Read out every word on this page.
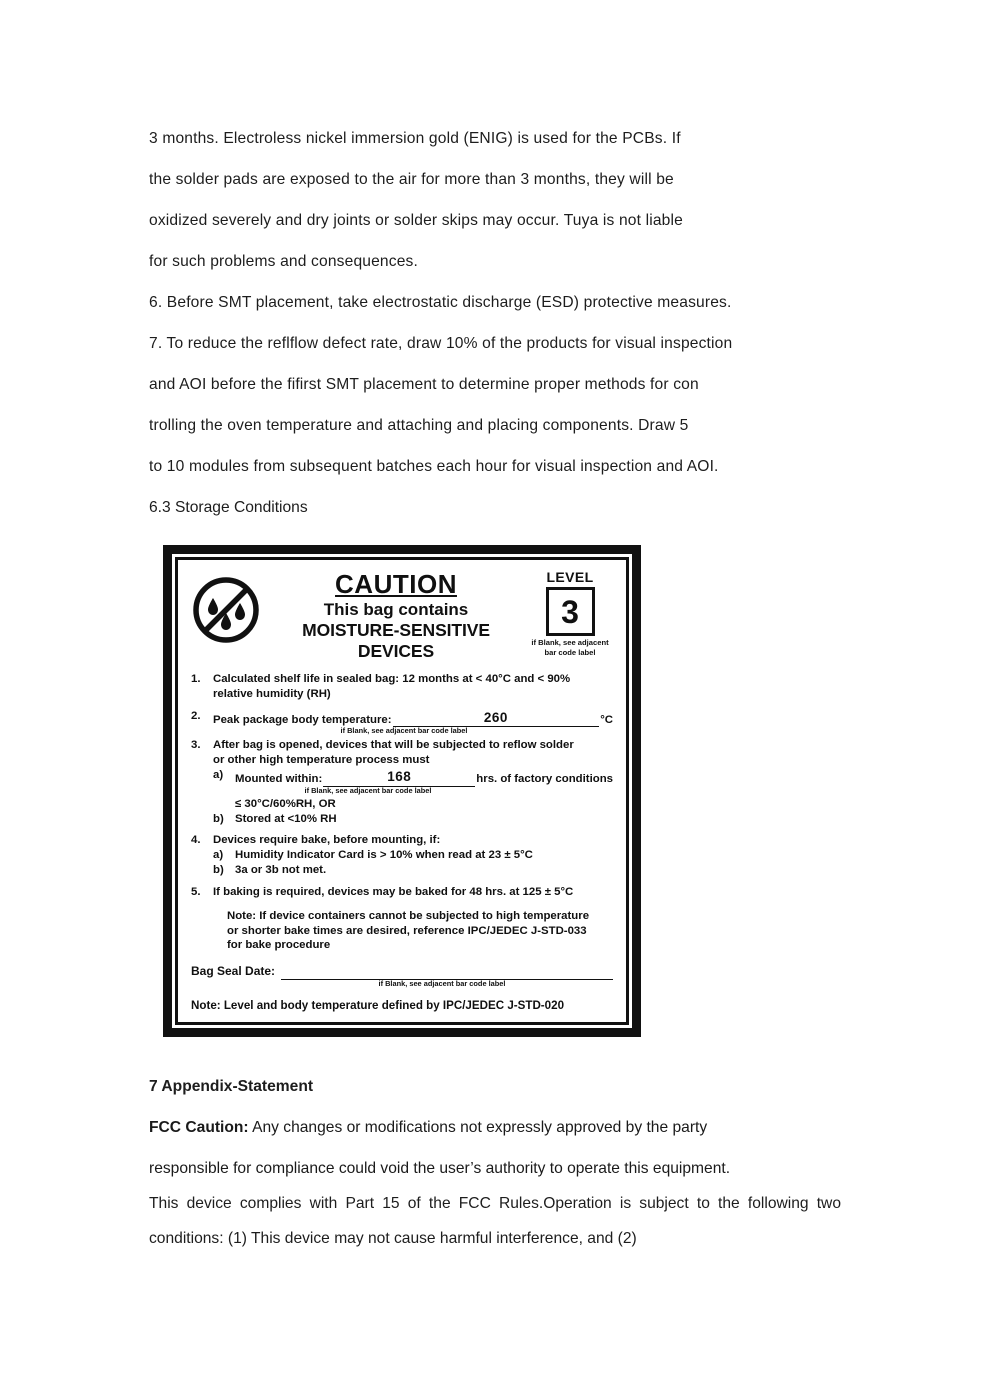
3 months. Electroless nickel immersion gold (ENIG) is used for the PCBs. If

the solder pads are exposed to the air for more than 3 months, they will be

oxidized severely and dry joints or solder skips may occur. Tuya is not liable

for such problems and consequences.

6. Before SMT placement, take electrostatic discharge (ESD) protective measures.

7. To reduce the reflflow defect rate, draw 10% of the products for visual inspection

and AOI before the fifirst SMT placement to determine proper methods for con

trolling the oven temperature and attaching and placing components. Draw 5

to 10 modules from subsequent batches each hour for visual inspection and AOI.

6.3 Storage Conditions

CAUTION
This bag contains
MOISTURE-SENSITIVE DEVICES
LEVEL
3
if Blank, see adjacent
bar code label
1.	Calculated shelf life in sealed bag: 12 months at < 40°C and < 90%
relative humidity (RH)
2.	Peak package body temperature:	260	°C
if Blank, see adjacent bar code label
3.	After bag is opened, devices that will be subjected to reflow solder
or other high temperature process must
a)	Mounted within:	168	hrs. of factory conditions
if Blank, see adjacent bar code label
≤ 30°C/60%RH, OR
b) Stored at <10% RH
4.	Devices require bake, before mounting, if:
a)	Humidity Indicator Card is > 10% when read at 23 ± 5°C
b) 3a or 3b not met.
5.	If baking is required, devices may be baked for 48 hrs. at 125 ± 5°C
Note: If device containers cannot be subjected to high temperature
or shorter bake times are desired, reference IPC/JEDEC J-STD-033
for bake procedure
Bag Seal Date:
if Blank, see adjacent bar code label
Note: Level and body temperature defined by IPC/JEDEC J-STD-020

7 Appendix-Statement

FCC Caution: Any changes or modifications not expressly approved by the party

responsible for compliance could void the user’s authority to operate this equipment.

This device complies with Part 15 of the FCC Rules.Operation is subject to the following two
conditions: (1) This device may not cause harmful interference, and (2)
